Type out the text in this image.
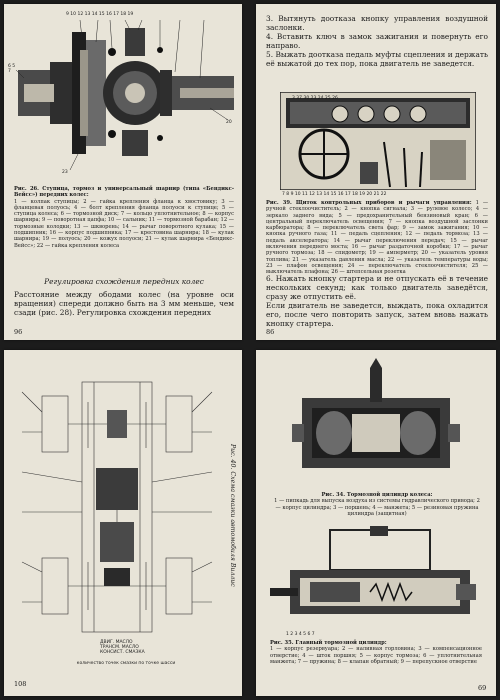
9 10 12 13 14 15 16 17 18 19
6 5 7
20
23
Рис. 26. Ступица, тормоз и универсальный шарнир (типа «Бендикс-Вейсс») передних колес:
1 — колпак ступицы; 2 — гайка крепления фланца к хвостовику; 3 — фланцевая полуось; 4 — болт крепления фланца полуоси к ступице; 5 — ступица колеса; 6 — тормозной диск; 7 — кольцо уплотнительное; 8 — корпус шарнира; 9 — поворотная цапфа; 10 — сальник; 11 — тормозной барабан; 12 — тормозные колодки; 13 — шкворень; 14 — рычаг поворотного кулака; 15 — подшипник; 16 — корпус подшипника; 17 — крестовина шарнира; 18 — кулак шарнира; 19 — полуось; 20 — кожух полуоси; 21 — кулак шарнира «Бендикс-Вейсс»; 22 — гайка крепления колеса
Регулировка схождения передних колес
Расстояние между ободами колес (на уровне оси вращения) спереди должно быть на 3 мм меньше, чем сзади (рис. 28). Регулировка схождения передних
96
3. Вытянуть доотказа кнопку управления воздушной заслонки.
4. Вставить ключ в замок зажигания и повернуть его направо.
5. Выжать доотказа педаль муфты сцепления и держать её выжатой до тех пор, пока двигатель не заведется.
3 37 30 23 24 25 26
7 8 9 10 11 12 13 14 15 16 17 18 19 20 21 22
Рис. 39. Щиток контрольных приборов и рычаги управления: 1 — ручной стеклоочиститель; 2 — кнопка сигнала; 3 — рулевое колесо; 4 — зеркало заднего вида; 5 — предохранительный бензиновый кран; 6 — центральный переключатель освещения; 7 — кнопка воздушной заслонки карбюратора; 8 — переключатель света фар; 9 — замок зажигания; 10 — кнопка ручного газа; 11 — педаль сцепления; 12 — педаль тормоза; 13 — педаль акселератора; 14 — рычаг переключения передач; 15 — рычаг включения переднего моста; 16 — рычаг раздаточной коробки; 17 — рычаг ручного тормоза; 18 — спидометр; 19 — амперметр; 20 — указатель уровня топлива; 21 — указатель давления масла; 22 — указатель температуры воды; 23 — плафон освещения; 24 — переключатель стеклоочистителя; 25 — выключатель плафона; 26 — штепсельная розетка
6. Нажать кнопку стартера и не отпускать её в течение нескольких секунд; как только двигатель заведётся, сразу же отпустить её.
Если двигатель не заведется, выждать, пока охладится его, после чего повторить запуск, затем вновь нажать кнопку стартера.
86
Рис. 40. Схема смазки автомобиля Виллис
ДВИГ. МАСЛО
ТРАНСМ. МАСЛО
КОНСИСТ. СМАЗКА
количество точек смазки по точке шасси
108
Рис. 34. Тормозной цилиндр колеса:
1 — пипкадь для выпуска воздуха из системы гидравлического привода; 2 — корпус цилиндра; 3 — поршень; 4 — манжета; 5 — резиновая пружина цилиндра (защитная)
1 2 3 4 5 6 7
Рис. 35. Главный тормозной цилиндр:
1 — корпус резервуара; 2 — наливная горловина; 3 — компенсационное отверстие; 4 — шток поршня; 5 — корпус тормоза; 6 — уплотнительная манжета; 7 — пружина; 8 — клапан обратный; 9 — перепускное отверстие
69
